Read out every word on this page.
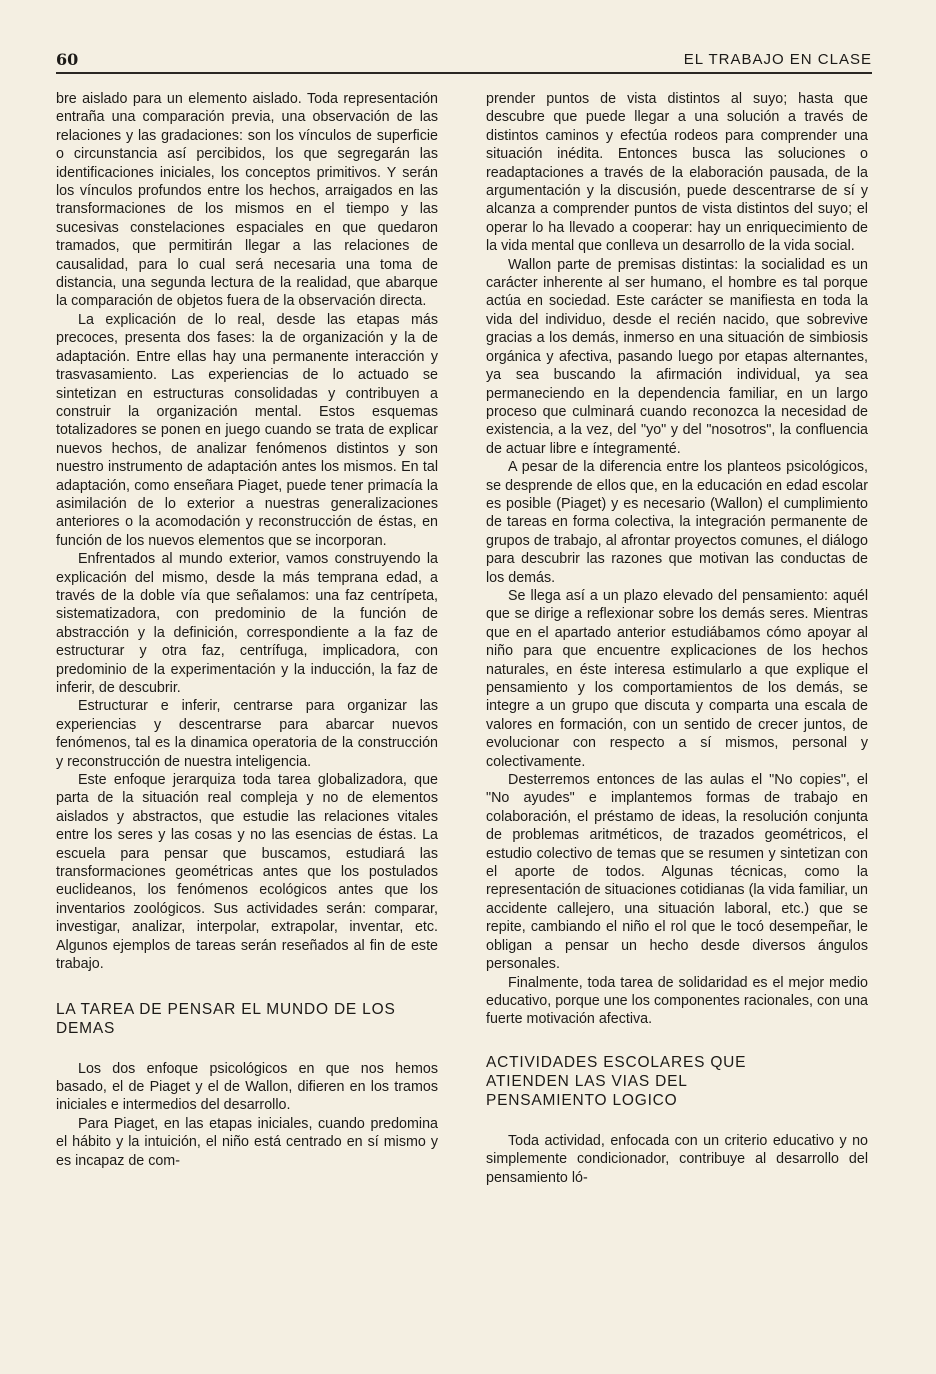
60	EL TRABAJO EN CLASE

bre aislado para un elemento aislado. Toda representación entraña una comparación previa, una observación de las relaciones y las gradaciones: son los vínculos de superficie o circunstancia así percibidos, los que segregarán las identificaciones iniciales, los conceptos primitivos. Y serán los vínculos profundos entre los hechos, arraigados en las transformaciones de los mismos en el tiempo y las sucesivas constelaciones espaciales en que quedaron tramados, que permitirán llegar a las relaciones de causalidad, para lo cual será necesaria una toma de distancia, una segunda lectura de la realidad, que abarque la comparación de objetos fuera de la observación directa.

La explicación de lo real, desde las etapas más precoces, presenta dos fases: la de organización y la de adaptación. Entre ellas hay una permanente interacción y trasvasamiento. Las experiencias de lo actuado se sintetizan en estructuras consolidadas y contribuyen a construir la organización mental. Estos esquemas totalizadores se ponen en juego cuando se trata de explicar nuevos hechos, de analizar fenómenos distintos y son nuestro instrumento de adaptación antes los mismos. En tal adaptación, como enseñara Piaget, puede tener primacía la asimilación de lo exterior a nuestras generalizaciones anteriores o la acomodación y reconstrucción de éstas, en función de los nuevos elementos que se incorporan.

Enfrentados al mundo exterior, vamos construyendo la explicación del mismo, desde la más temprana edad, a través de la doble vía que señalamos: una faz centrípeta, sistematizadora, con predominio de la función de abstracción y la definición, correspondiente a la faz de estructurar y otra faz, centrífuga, implicadora, con predominio de la experimentación y la inducción, la faz de inferir, de descubrir.

Estructurar e inferir, centrarse para organizar las experiencias y descentrarse para abarcar nuevos fenómenos, tal es la dinamica operatoria de la construcción y reconstrucción de nuestra inteligencia.

Este enfoque jerarquiza toda tarea globalizadora, que parta de la situación real compleja y no de elementos aislados y abstractos, que estudie las relaciones vitales entre los seres y las cosas y no las esencias de éstas. La escuela para pensar que buscamos, estudiará las transformaciones geométricas antes que los postulados euclideanos, los fenómenos ecológicos antes que los inventarios zoológicos. Sus actividades serán: comparar, investigar, analizar, interpolar, extrapolar, inventar, etc. Algunos ejemplos de tareas serán reseñados al fin de este trabajo.

LA TAREA DE PENSAR EL MUNDO DE LOS DEMAS

Los dos enfoque psicológicos en que nos hemos basado, el de Piaget y el de Wallon, difieren en los tramos iniciales e intermedios del desarrollo.

Para Piaget, en las etapas iniciales, cuando predomina el hábito y la intuición, el niño está centrado en sí mismo y es incapaz de com-

prender puntos de vista distintos al suyo; hasta que descubre que puede llegar a una solución a través de distintos caminos y efectúa rodeos para comprender una situación inédita. Entonces busca las soluciones o readaptaciones a través de la elaboración pausada, de la argumentación y la discusión, puede descentrarse de sí y alcanza a comprender puntos de vista distintos del suyo; el operar lo ha llevado a cooperar: hay un enriquecimiento de la vida mental que conlleva un desarrollo de la vida social.

Wallon parte de premisas distintas: la socialidad es un carácter inherente al ser humano, el hombre es tal porque actúa en sociedad. Este carácter se manifiesta en toda la vida del individuo, desde el recién nacido, que sobrevive gracias a los demás, inmerso en una situación de simbiosis orgánica y afectiva, pasando luego por etapas alternantes, ya sea buscando la afirmación individual, ya sea permaneciendo en la dependencia familiar, en un largo proceso que culminará cuando reconozca la necesidad de existencia, a la vez, del "yo" y del "nosotros", la confluencia de actuar libre e íntegramenté.

A pesar de la diferencia entre los planteos psicológicos, se desprende de ellos que, en la educación en edad escolar es posible (Piaget) y es necesario (Wallon) el cumplimiento de tareas en forma colectiva, la integración permanente de grupos de trabajo, al afrontar proyectos comunes, el diálogo para descubrir las razones que motivan las conductas de los demás.

Se llega así a un plazo elevado del pensamiento: aquél que se dirige a reflexionar sobre los demás seres. Mientras que en el apartado anterior estudiábamos cómo apoyar al niño para que encuentre explicaciones de los hechos naturales, en éste interesa estimularlo a que explique el pensamiento y los comportamientos de los demás, se integre a un grupo que discuta y comparta una escala de valores en formación, con un sentido de crecer juntos, de evolucionar con respecto a sí mismos, personal y colectivamente.

Desterremos entonces de las aulas el "No copies", el "No ayudes" e implantemos formas de trabajo en colaboración, el préstamo de ideas, la resolución conjunta de problemas aritméticos, de trazados geométricos, el estudio colectivo de temas que se resumen y sintetizan con el aporte de todos. Algunas técnicas, como la representación de situaciones cotidianas (la vida familiar, un accidente callejero, una situación laboral, etc.) que se repite, cambiando el niño el rol que le tocó desempeñar, le obligan a pensar un hecho desde diversos ángulos personales.

Finalmente, toda tarea de solidaridad es el mejor medio educativo, porque une los componentes racionales, con una fuerte motivación afectiva.

ACTIVIDADES ESCOLARES QUE ATIENDEN LAS VIAS DEL PENSAMIENTO LOGICO

Toda actividad, enfocada con un criterio educativo y no simplemente condicionador, contribuye al desarrollo del pensamiento ló-
